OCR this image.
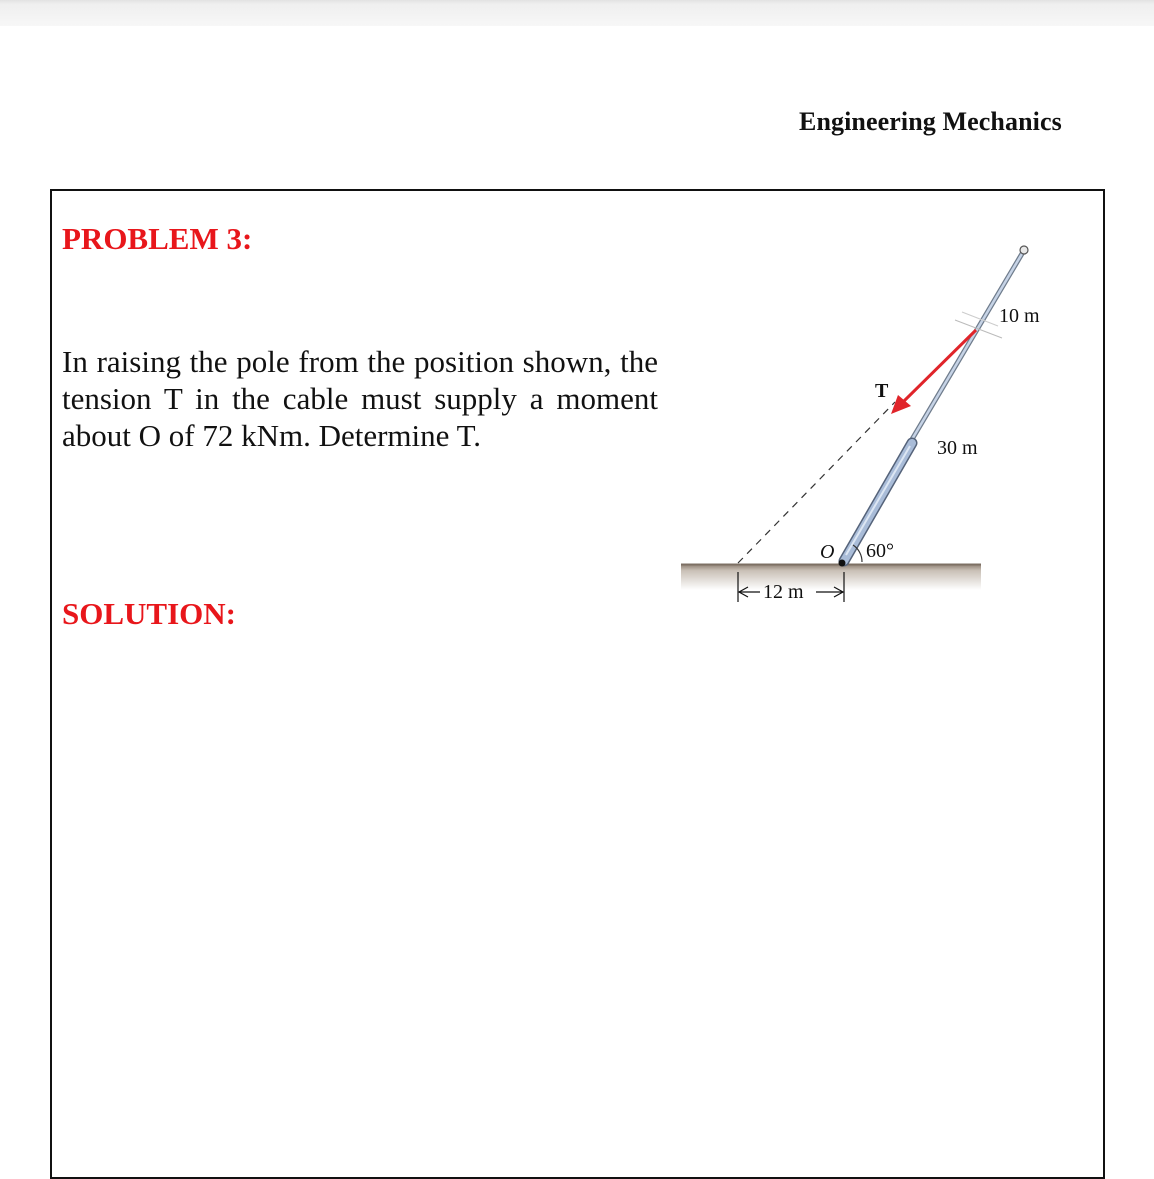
Engineering Mechanics
PROBLEM 3:
In raising the pole from the position shown, the tension T in the cable must supply a moment about O of 72 kNm. Determine T.
SOLUTION:
T
10 m
30 m
O 60°
12 m
